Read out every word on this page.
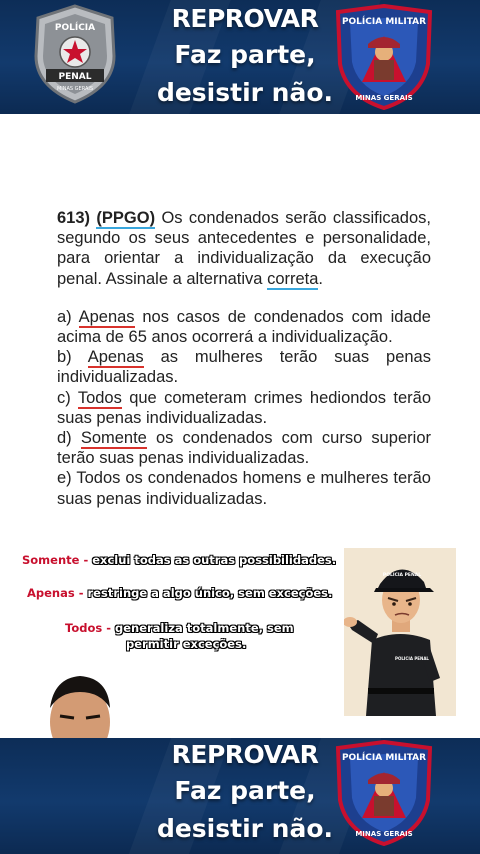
POLÍCIA
PENAL
MINAS GERAIS
REPROVAR
Faz parte,
desistir não.
POLÍCIA MILITAR
MINAS GERAIS
613) (PPGO) Os condenados serão classificados, segundo os seus antecedentes e personalidade, para orientar a individualização da execução penal. Assinale a alternativa correta.
a) Apenas nos casos de condenados com idade acima de 65 anos ocorrerá a individualização.
b) Apenas as mulheres terão suas penas individualizadas.
c) Todos que cometeram crimes hediondos terão suas penas individualizadas.
d) Somente os condenados com curso superior terão suas penas individualizadas.
e) Todos os condenados homens e mulheres terão suas penas individualizadas.
Somente - exclui todas as outras possibilidades.
Apenas - restringe a algo único, sem exceções.
Todos - generaliza totalmente, sem
permitir exceções.
POLICIA PENAL
POLICIA PENAL
REPROVAR
Faz parte,
desistir não.
POLÍCIA MILITAR
MINAS GERAIS
